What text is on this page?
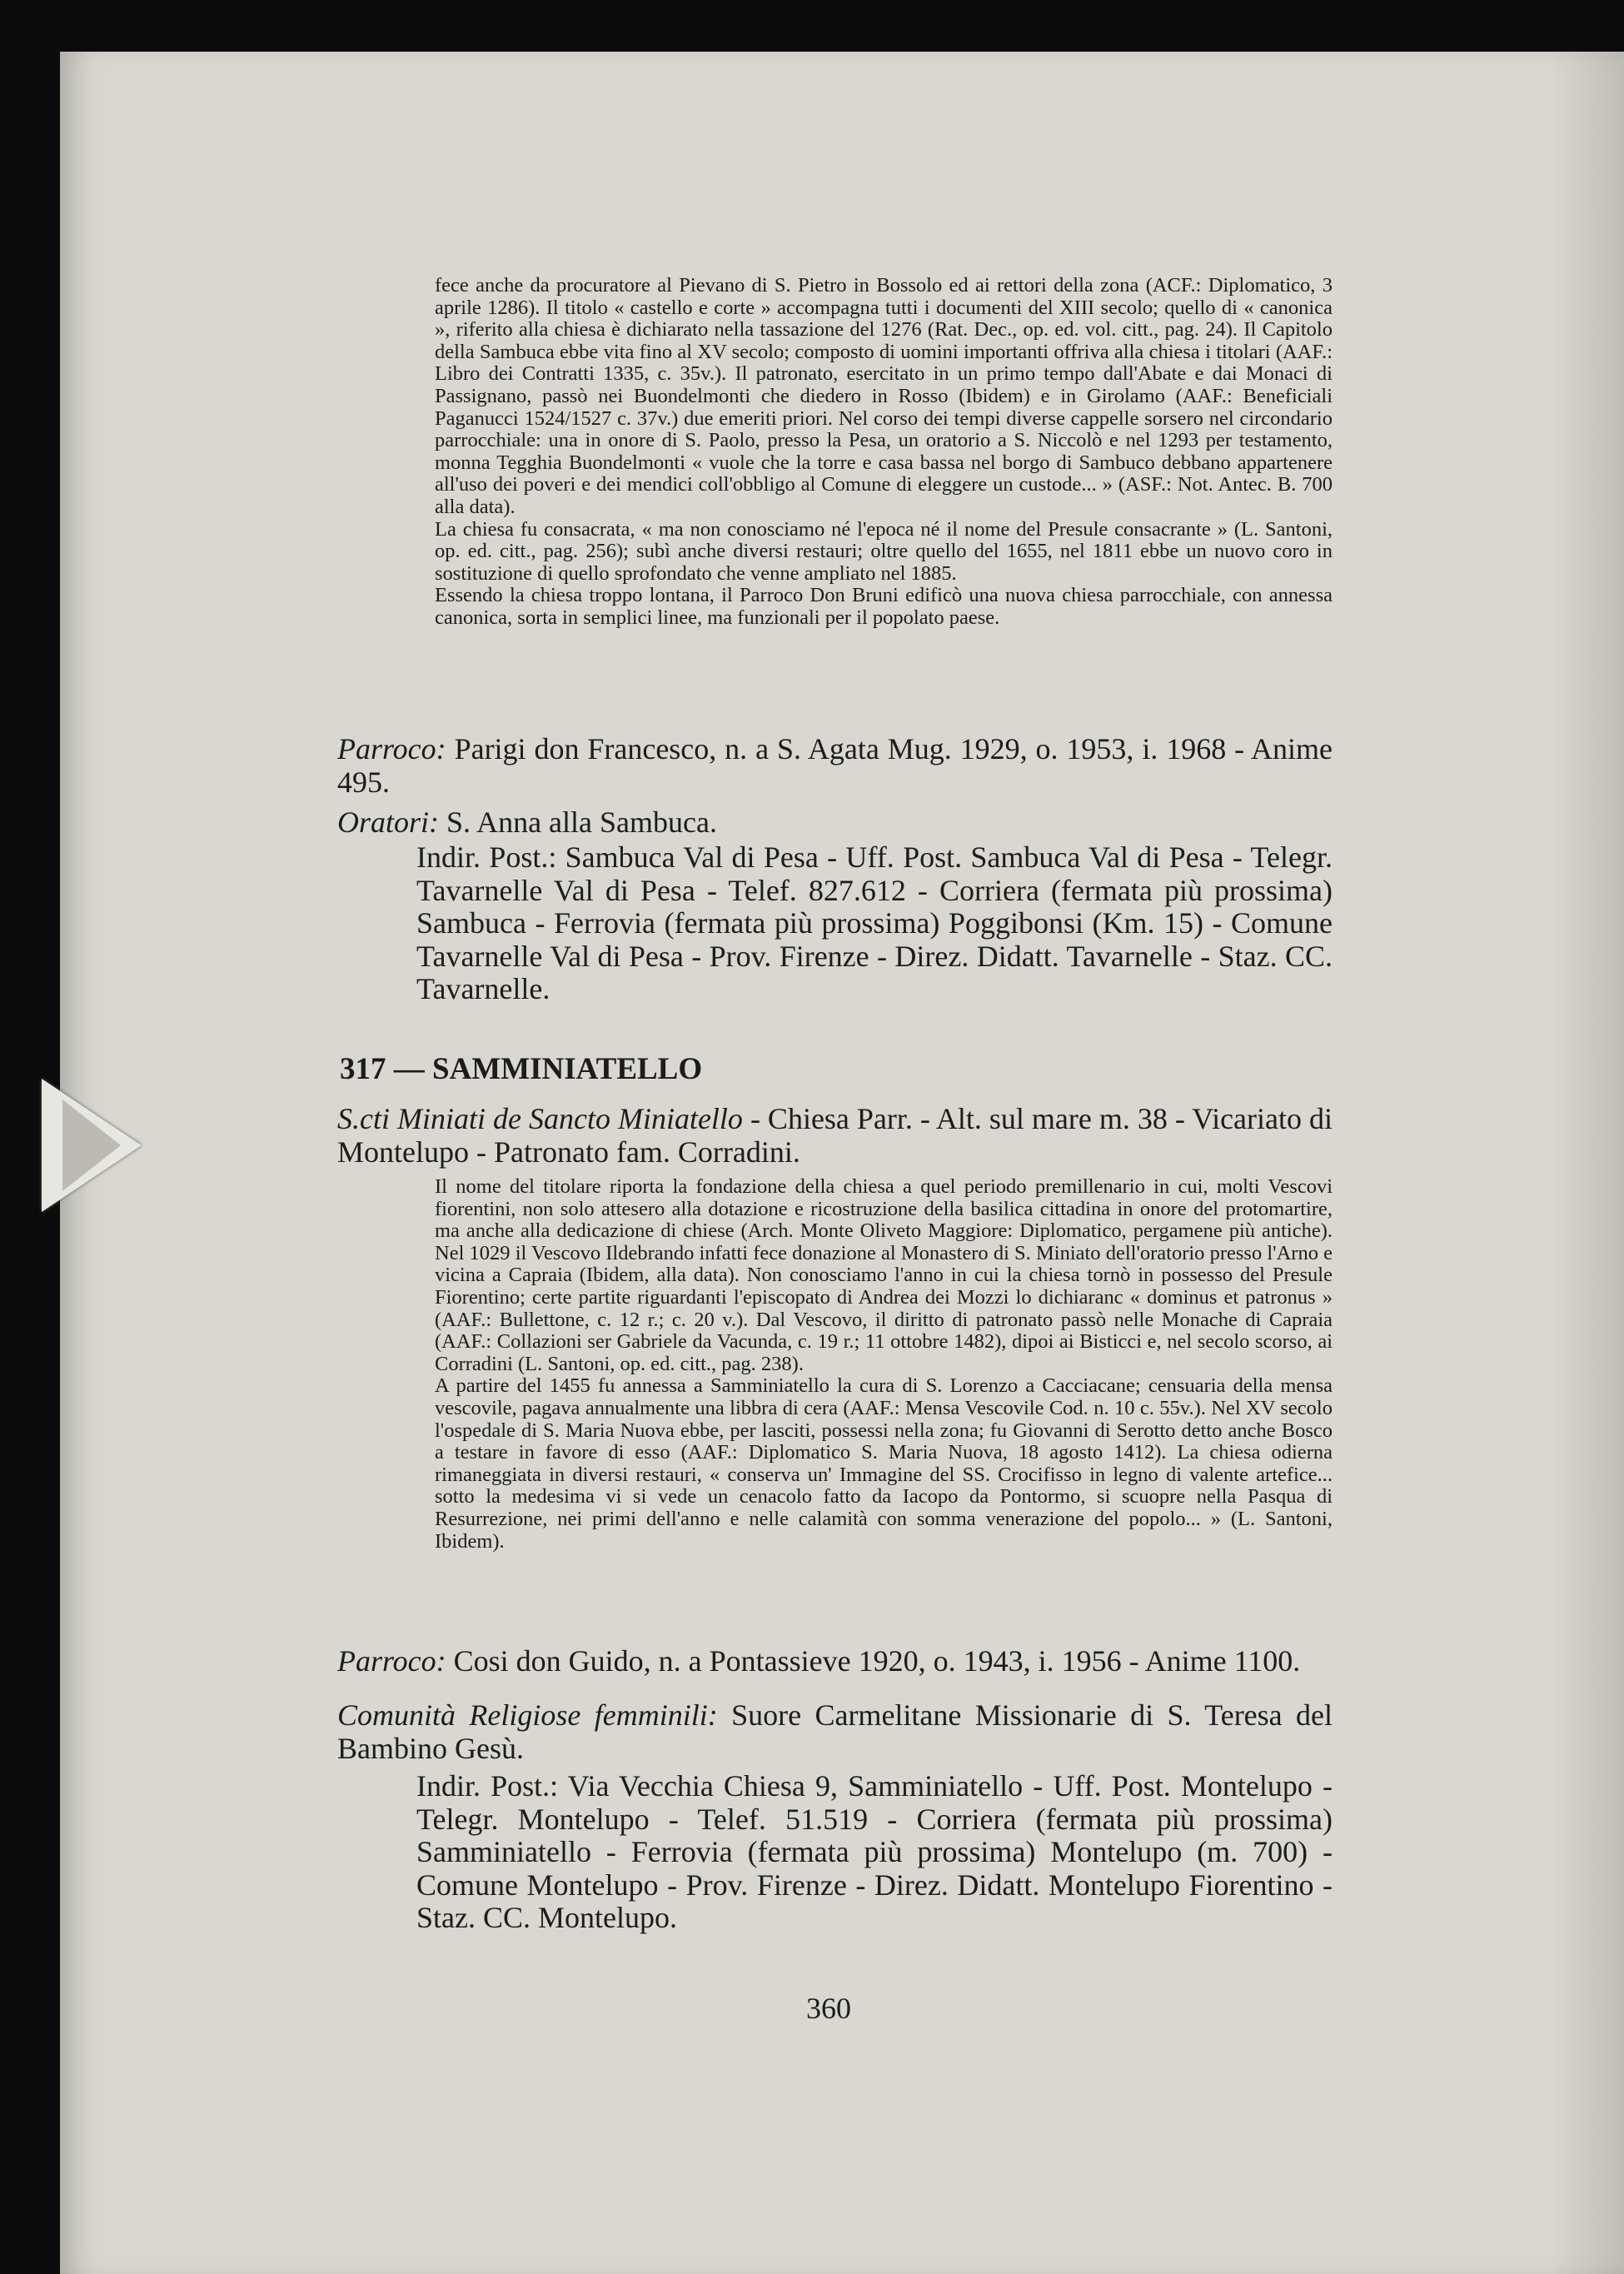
fece anche da procuratore al Pievano di S. Pietro in Bossolo ed ai rettori della zona (ACF.: Diplomatico, 3 aprile 1286). Il titolo « castello e corte » accompagna tutti i documenti del XIII secolo; quello di « canonica », riferito alla chiesa è dichiarato nella tassazione del 1276 (Rat. Dec., op. ed. vol. citt., pag. 24). Il Capitolo della Sambuca ebbe vita fino al XV secolo; composto di uomini importanti offriva alla chiesa i titolari (AAF.: Libro dei Contratti 1335, c. 35v.). Il patronato, esercitato in un primo tempo dall'Abate e dai Monaci di Passignano, passò nei Buondelmonti che diedero in Rosso (Ibidem) e in Girolamo (AAF.: Beneficiali Paganucci 1524/1527 c. 37v.) due emeriti priori. Nel corso dei tempi diverse cappelle sorsero nel circondario parrocchiale: una in onore di S. Paolo, presso la Pesa, un oratorio a S. Niccolò e nel 1293 per testamento, monna Tegghia Buondelmonti « vuole che la torre e casa bassa nel borgo di Sambuco debbano appartenere all'uso dei poveri e dei mendici coll'obbligo al Comune di eleggere un custode... » (ASF.: Not. Antec. B. 700 alla data).

La chiesa fu consacrata, « ma non conosciamo né l'epoca né il nome del Presule consacrante » (L. Santoni, op. ed. citt., pag. 256); subì anche diversi restauri; oltre quello del 1655, nel 1811 ebbe un nuovo coro in sostituzione di quello sprofondato che venne ampliato nel 1885.

Essendo la chiesa troppo lontana, il Parroco Don Bruni edificò una nuova chiesa parrocchiale, con annessa canonica, sorta in semplici linee, ma funzionali per il popolato paese.

Parroco: Parigi don Francesco, n. a S. Agata Mug. 1929, o. 1953, i. 1968 - Anime 495.

Oratori: S. Anna alla Sambuca.

Indir. Post.: Sambuca Val di Pesa - Uff. Post. Sambuca Val di Pesa - Telegr. Tavarnelle Val di Pesa - Telef. 827.612 - Corriera (fermata più prossima) Sambuca - Ferrovia (fermata più prossima) Poggibonsi (Km. 15) - Comune Tavarnelle Val di Pesa - Prov. Firenze - Direz. Didatt. Tavarnelle - Staz. CC. Tavarnelle.

317 — SAMMINIATELLO

S.cti Miniati de Sancto Miniatello - Chiesa Parr. - Alt. sul mare m. 38 - Vicariato di Montelupo - Patronato fam. Corradini.

Il nome del titolare riporta la fondazione della chiesa a quel periodo premillenario in cui, molti Vescovi fiorentini, non solo attesero alla dotazione e ricostruzione della basilica cittadina in onore del protomartire, ma anche alla dedicazione di chiese (Arch. Monte Oliveto Maggiore: Diplomatico, pergamene più antiche). Nel 1029 il Vescovo Ildebrando infatti fece donazione al Monastero di S. Miniato dell'oratorio presso l'Arno e vicina a Capraia (Ibidem, alla data). Non conosciamo l'anno in cui la chiesa tornò in possesso del Presule Fiorentino; certe partite riguardanti l'episcopato di Andrea dei Mozzi lo dichiaranc « dominus et patronus » (AAF.: Bullettone, c. 12 r.; c. 20 v.). Dal Vescovo, il diritto di patronato passò nelle Monache di Capraia (AAF.: Collazioni ser Gabriele da Vacunda, c. 19 r.; 11 ottobre 1482), dipoi ai Bisticci e, nel secolo scorso, ai Corradini (L. Santoni, op. ed. citt., pag. 238).

A partire del 1455 fu annessa a Samminiatello la cura di S. Lorenzo a Cacciacane; censuaria della mensa vescovile, pagava annualmente una libbra di cera (AAF.: Mensa Vescovile Cod. n. 10 c. 55v.). Nel XV secolo l'ospedale di S. Maria Nuova ebbe, per lasciti, possessi nella zona; fu Giovanni di Serotto detto anche Bosco a testare in favore di esso (AAF.: Diplomatico S. Maria Nuova, 18 agosto 1412). La chiesa odierna rimaneggiata in diversi restauri, « conserva un' Immagine del SS. Crocifisso in legno di valente artefice... sotto la medesima vi si vede un cenacolo fatto da Iacopo da Pontormo, si scuopre nella Pasqua di Resurrezione, nei primi dell'anno e nelle calamità con somma venerazione del popolo... » (L. Santoni, Ibidem).

Parroco: Cosi don Guido, n. a Pontassieve 1920, o. 1943, i. 1956 - Anime 1100.

Comunità Religiose femminili: Suore Carmelitane Missionarie di S. Teresa del Bambino Gesù.

Indir. Post.: Via Vecchia Chiesa 9, Samminiatello - Uff. Post. Montelupo - Telegr. Montelupo - Telef. 51.519 - Corriera (fermata più prossima) Samminiatello - Ferrovia (fermata più prossima) Montelupo (m. 700) - Comune Montelupo - Prov. Firenze - Direz. Didatt. Montelupo Fiorentino - Staz. CC. Montelupo.

360
